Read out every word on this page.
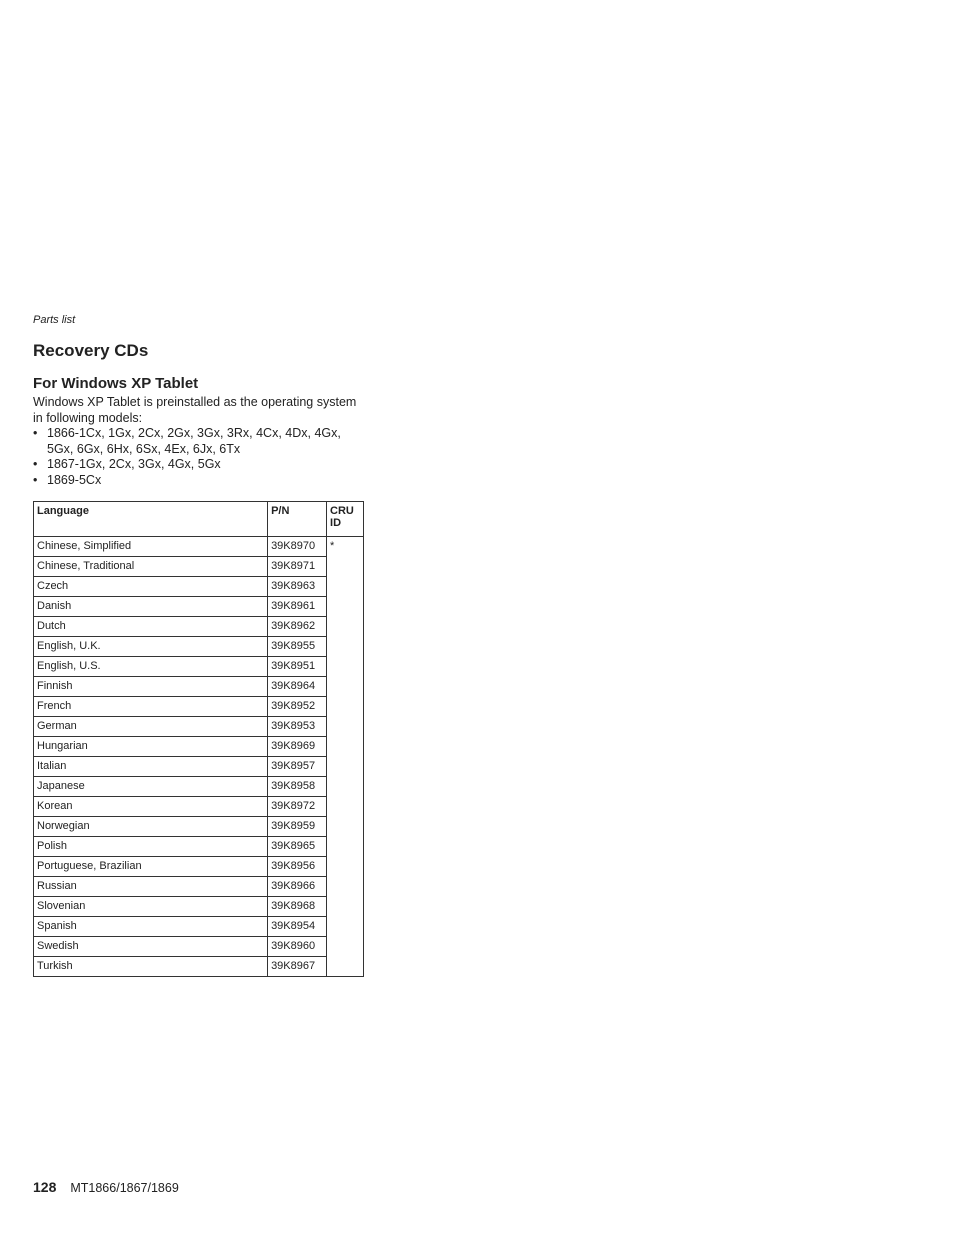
Parts list
Recovery CDs
For Windows XP Tablet

Windows XP Tablet is preinstalled as the operating system in following models:

• 1866-1Cx, 1Gx, 2Cx, 2Gx, 3Gx, 3Rx, 4Cx, 4Dx, 4Gx, 5Gx, 6Gx, 6Hx, 6Sx, 4Ex, 6Jx, 6Tx
• 1867-1Gx, 2Cx, 3Gx, 4Gx, 5Gx
• 1869-5Cx
Language	P/N	CRU ID
Chinese, Simplified	39K8970	*
Chinese, Traditional	39K8971	
Czech	39K8963	
Danish	39K8961	
Dutch	39K8962	
English, U.K.	39K8955	
English, U.S.	39K8951	
Finnish	39K8964	
French	39K8952	
German	39K8953	
Hungarian	39K8969	
Italian	39K8957	
Japanese	39K8958	
Korean	39K8972	
Norwegian	39K8959	
Polish	39K8965	
Portuguese, Brazilian	39K8956	
Russian	39K8966	
Slovenian	39K8968	
Spanish	39K8954	
Swedish	39K8960	
Turkish	39K8967	
128 MT1866/1867/1869
